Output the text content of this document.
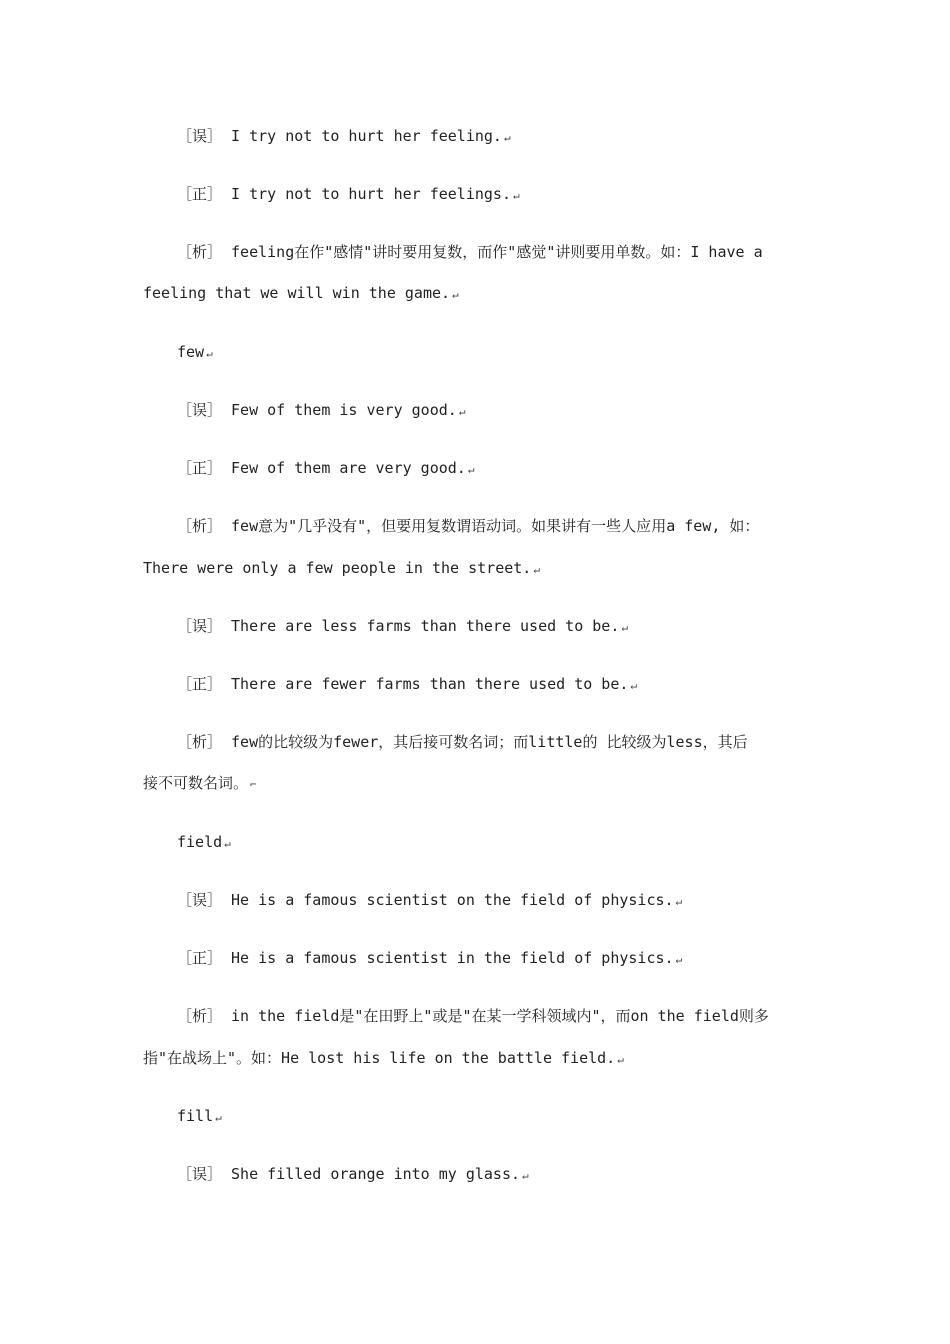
［误］ I try not to hurt her feeling. ↵
［正］ I try not to hurt her feelings. ↵
［析］ feeling在作"感情"讲时要用复数，而作"感觉"讲则要用单数。如：I have a
feeling that we will win the game. ↵
few ↵
［误］ Few of them is very good. ↵
［正］ Few of them are very good. ↵
［析］ few意为"几乎没有"，但要用复数谓语动词。如果讲有一些人应用a few, 如：
There were only a few people in the street. ↵
［误］ There are less farms than there used to be. ↵
［正］ There are fewer farms than there used to be. ↵
［析］ few的比较级为fewer，其后接可数名词；而little的 比较级为less，其后
接不可数名词。 ⌐
field ↵
［误］ He is a famous scientist on the field of physics. ↵
［正］ He is a famous scientist in the field of physics. ↵
［析］ in the field是"在田野上"或是"在某一学科领域内"，而on the field则多
指"在战场上"。如：He lost his life on the battle field. ↵
fill ↵
［误］ She filled orange into my glass. ↵
